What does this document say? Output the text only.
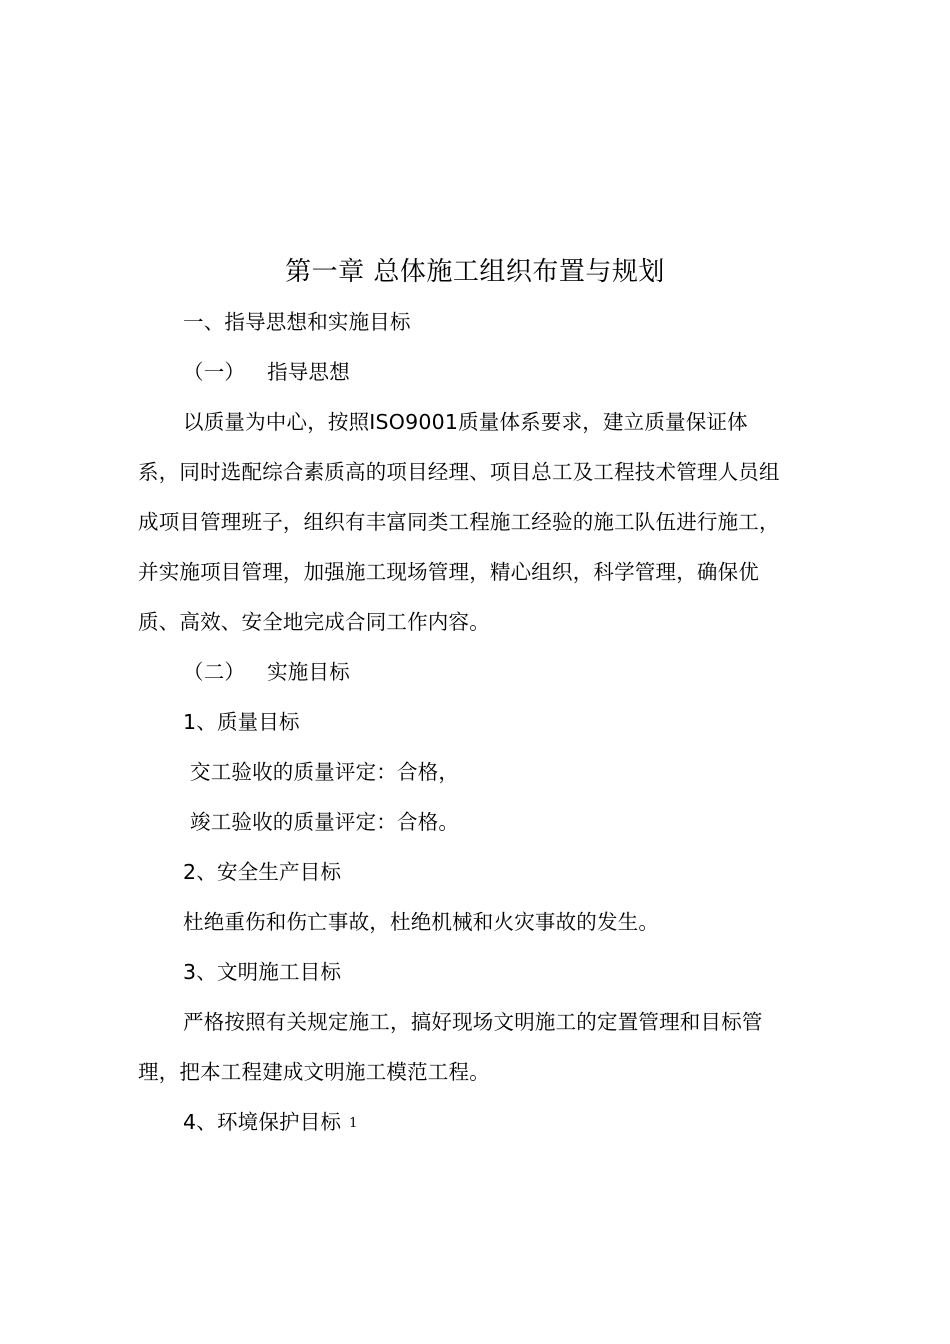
第一章 总体施工组织布置与规划
一、指导思想和实施目标
（一） 指导思想
以质量为中心，按照ISO9001质量体系要求，建立质量保证体
系，同时选配综合素质高的项目经理、项目总工及工程技术管理人员组
成项目管理班子，组织有丰富同类工程施工经验的施工队伍进行施工，
并实施项目管理，加强施工现场管理，精心组织，科学管理，确保优
质、高效、安全地完成合同工作内容。
（二） 实施目标
1、质量目标
交工验收的质量评定：合格，
竣工验收的质量评定：合格。
2、安全生产目标
杜绝重伤和伤亡事故，杜绝机械和火灾事故的发生。
3、文明施工目标
严格按照有关规定施工，搞好现场文明施工的定置管理和目标管
理，把本工程建成文明施工模范工程。
4、环境保护目标 1
